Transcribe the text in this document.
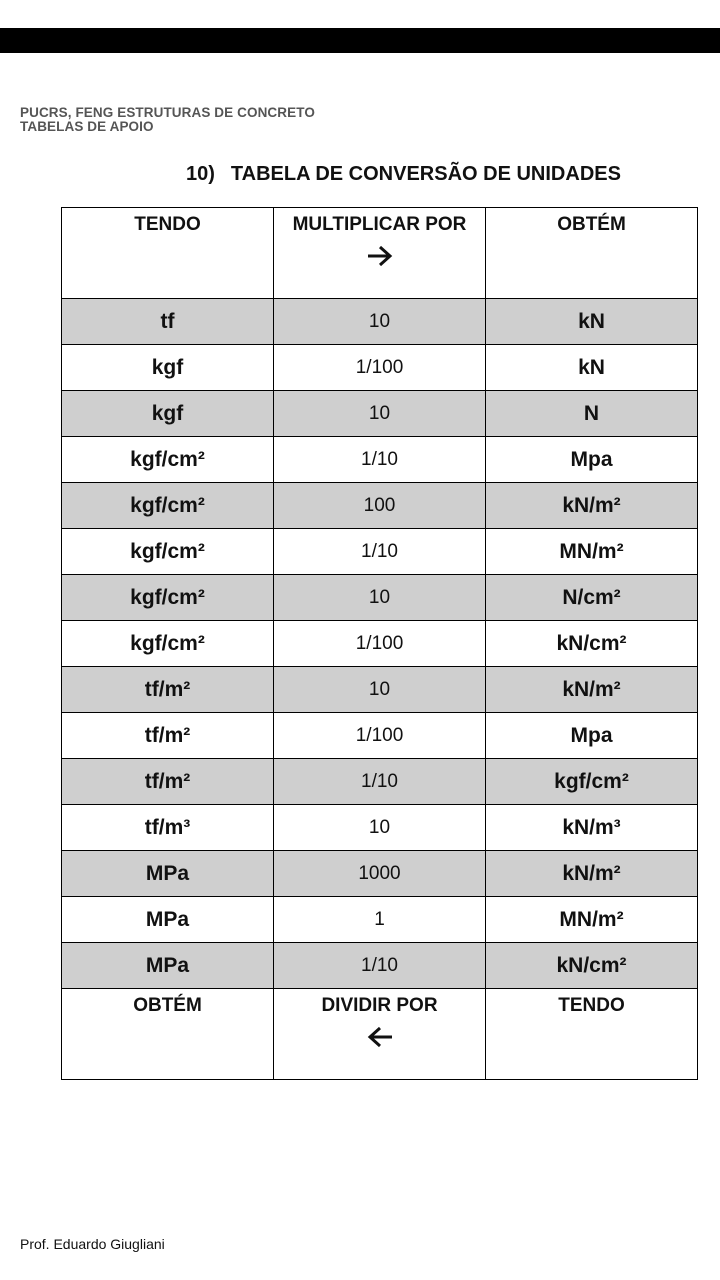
PUCRS, FENG ESTRUTURAS DE CONCRETO
TABELAS DE APOIO
10) TABELA DE CONVERSÃO DE UNIDADES
TENDO	MULTIPLICAR POR	OBTÉM

tf	10	kN
kgf	1/100	kN
kgf	10	N
kgf/cm²	1/10	Mpa
kgf/cm²	100	kN/m²
kgf/cm²	1/10	MN/m²
kgf/cm²	10	N/cm²
kgf/cm²	1/100	kN/cm²
tf/m²	10	kN/m²
tf/m²	1/100	Mpa
tf/m²	1/10	kgf/cm²
tf/m³	10	kN/m³
MPa	1000	kN/m²
MPa	1	MN/m²
MPa	1/10	kN/cm²

OBTÉM	DIVIDIR POR	TENDO
Prof. Eduardo Giugliani
